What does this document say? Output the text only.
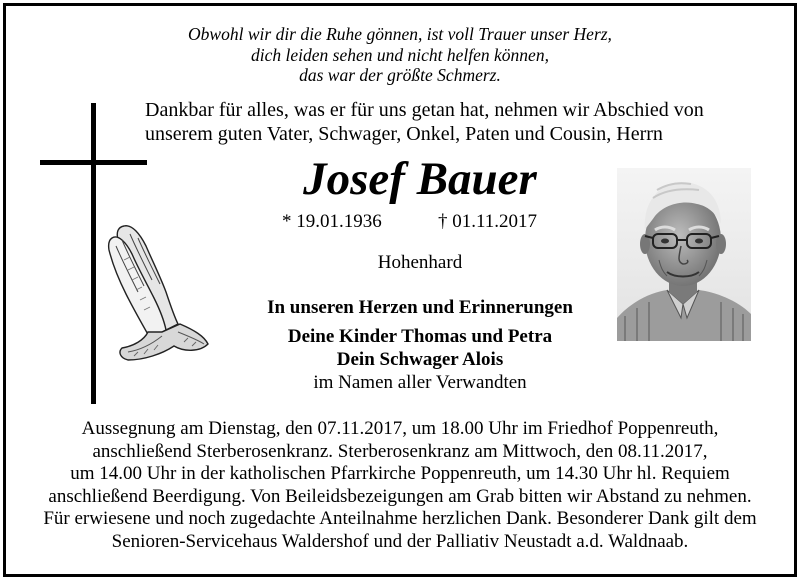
Obwohl wir dir die Ruhe gönnen, ist voll Trauer unser Herz,
dich leiden sehen und nicht helfen können,
das war der größte Schmerz.
Dankbar für alles, was er für uns getan hat, nehmen wir Abschied von
unserem guten Vater, Schwager, Onkel, Paten und Cousin, Herrn
Josef Bauer
* 19.01.1936	† 01.11.2017
Hohenhard
In unseren Herzen und Erinnerungen
Deine Kinder Thomas und Petra
Dein Schwager Alois
im Namen aller Verwandten
Aussegnung am Dienstag, den 07.11.2017, um 18.00 Uhr im Friedhof Poppenreuth,
anschließend Sterberosenkranz. Sterberosenkranz am Mittwoch, den 08.11.2017,
um 14.00 Uhr in der katholischen Pfarrkirche Poppenreuth, um 14.30 Uhr hl. Requiem
anschließend Beerdigung. Von Beileidsbezeigungen am Grab bitten wir Abstand zu nehmen.
Für erwiesene und noch zugedachte Anteilnahme herzlichen Dank. Besonderer Dank gilt dem
Senioren-Servicehaus Waldershof und der Palliativ Neustadt a.d. Waldnaab.
